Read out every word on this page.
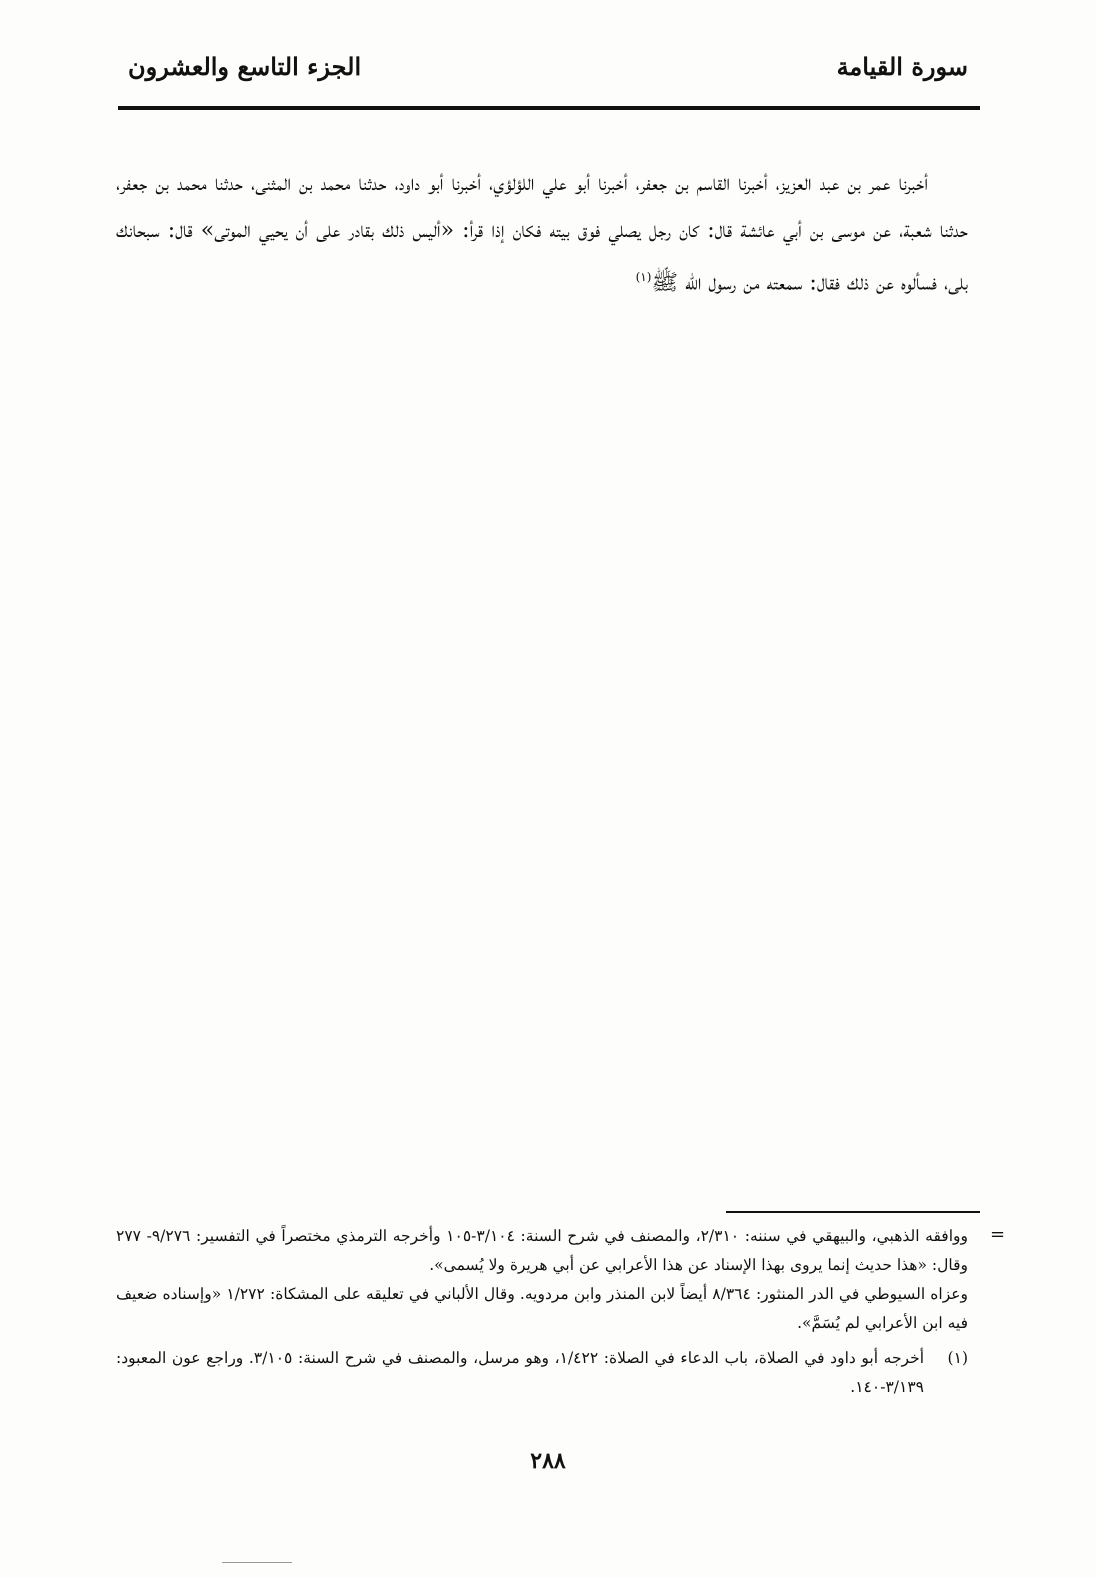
سورة القيامة
الجزء التاسع والعشرون

أخبرنا عمر بن عبد العزيز، أخبرنا القاسم بن جعفر، أخبرنا أبو علي اللؤلؤي، أخبرنا أبو داود، حدثنا محمد بن المثنى، حدثنا محمد بن جعفر، حدثنا شعبة، عن موسى بن أبي عائشة قال: كان رجل يصلي فوق بيته فكان إذا قرأ: «أليس ذلك بقادر على أن يحيي الموتى» قال: سبحانك بلى، فسألوه عن ذلك فقال: سمعته من رسول الله ﷺ$^{(١)}$

=

ووافقه الذهبي، والبيهقي في سننه: ٢/٣١٠، والمصنف في شرح السنة: ٣/١٠٤-١٠٥ وأخرجه الترمذي مختصراً في التفسير: ٩/٢٧٦- ٢٧٧ وقال: «هذا حديث إنما يروى بهذا الإسناد عن هذا الأعرابي عن أبي هريرة ولا يُسمى».

وعزاه السيوطي في الدر المنثور: ٨/٣٦٤ أيضاً لابن المنذر وابن مردويه. وقال الألباني في تعليقه على المشكاة: ١/٢٧٢ «وإسناده ضعيف فيه ابن الأعرابي لم يُسَمَّ».

(١)
أخرجه أبو داود في الصلاة، باب الدعاء في الصلاة: ١/٤٢٢، وهو مرسل، والمصنف في شرح السنة: ٣/١٠٥. وراجع عون المعبود: ٣/١٣٩-١٤٠.
٢٨٨
